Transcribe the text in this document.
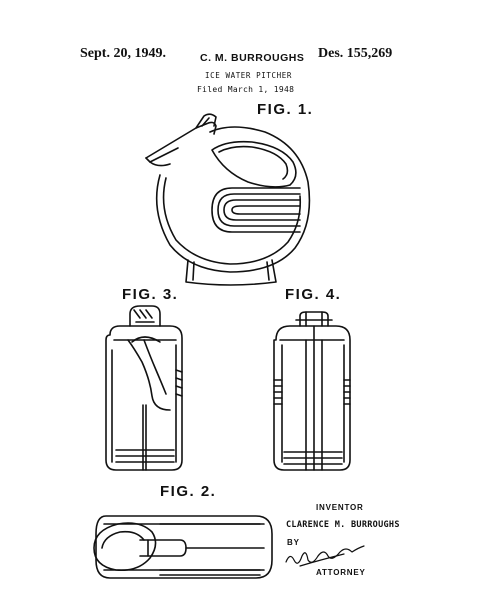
Sept. 20, 1949.	C. M. BURROUGHS Des. 155,269
ICE WATER PITCHER
Filed March 1, 1948
FIG. 1.
FIG. 3.	FIG. 4.
FIG. 2.
INVENTOR
CLARENCE M. BURROUGHS
BY
ATTORNEY
